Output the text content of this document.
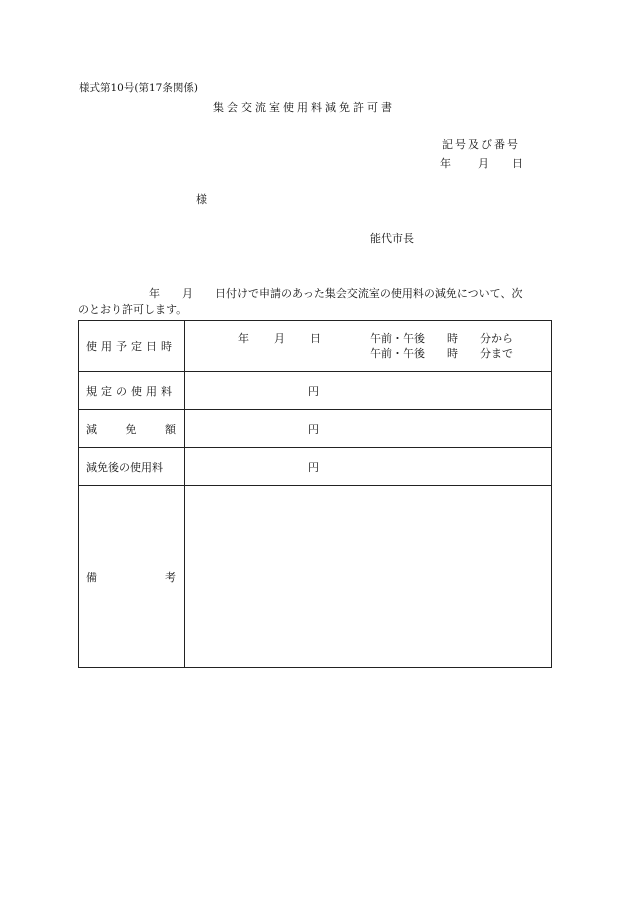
様式第10号(第17条関係)
集会交流室使用料減免許可書
記号及び番号
年 月 日
様
能代市長
年　　月　　日付けで申請のあった集会交流室の使用料の減免について、次
のとおり許可します。
使用予定日時	年 月 日 午前・午後　　時　　分から
午前・午後　　時　　分まで

規定の使用料	円

減 免 額	円

減免後の使用料	円

備 考	
